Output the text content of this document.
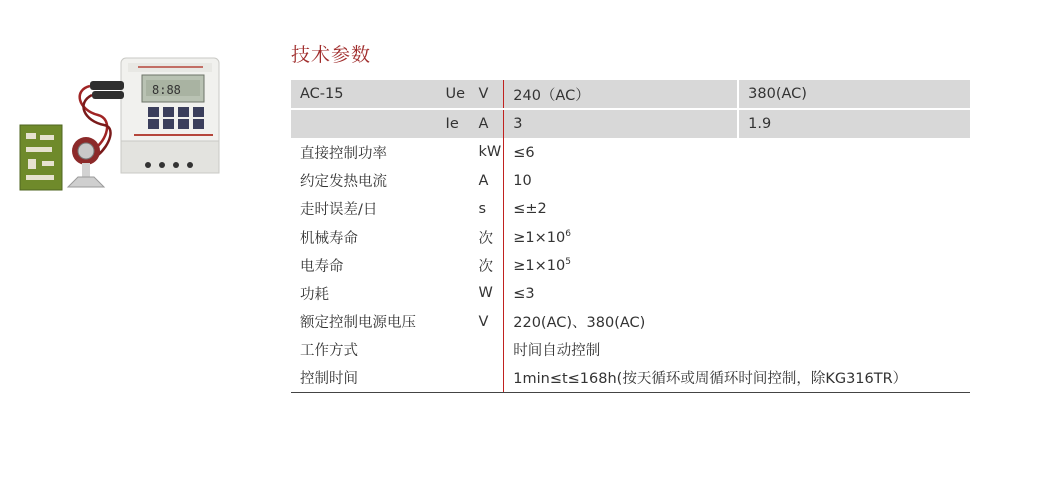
8:88
技术参数
AC-15	Ue	V	240（AC）	380(AC)
	Ie	A	3	1.9
直接控制功率		kW	≤6	
约定发热电流		A	10	
走时误差/日		s	≤±2	
机械寿命		次	$\ge 1\times 10^6$
电寿命		次	$\ge 1\times 10^5$
功耗		W	≤3	
额定控制电源电压		V	220(AC)、380(AC)	
工作方式			时间自动控制	
控制时间			1min≤t≤168h(按天循环或周循环时间控制，除KG316TR）	
